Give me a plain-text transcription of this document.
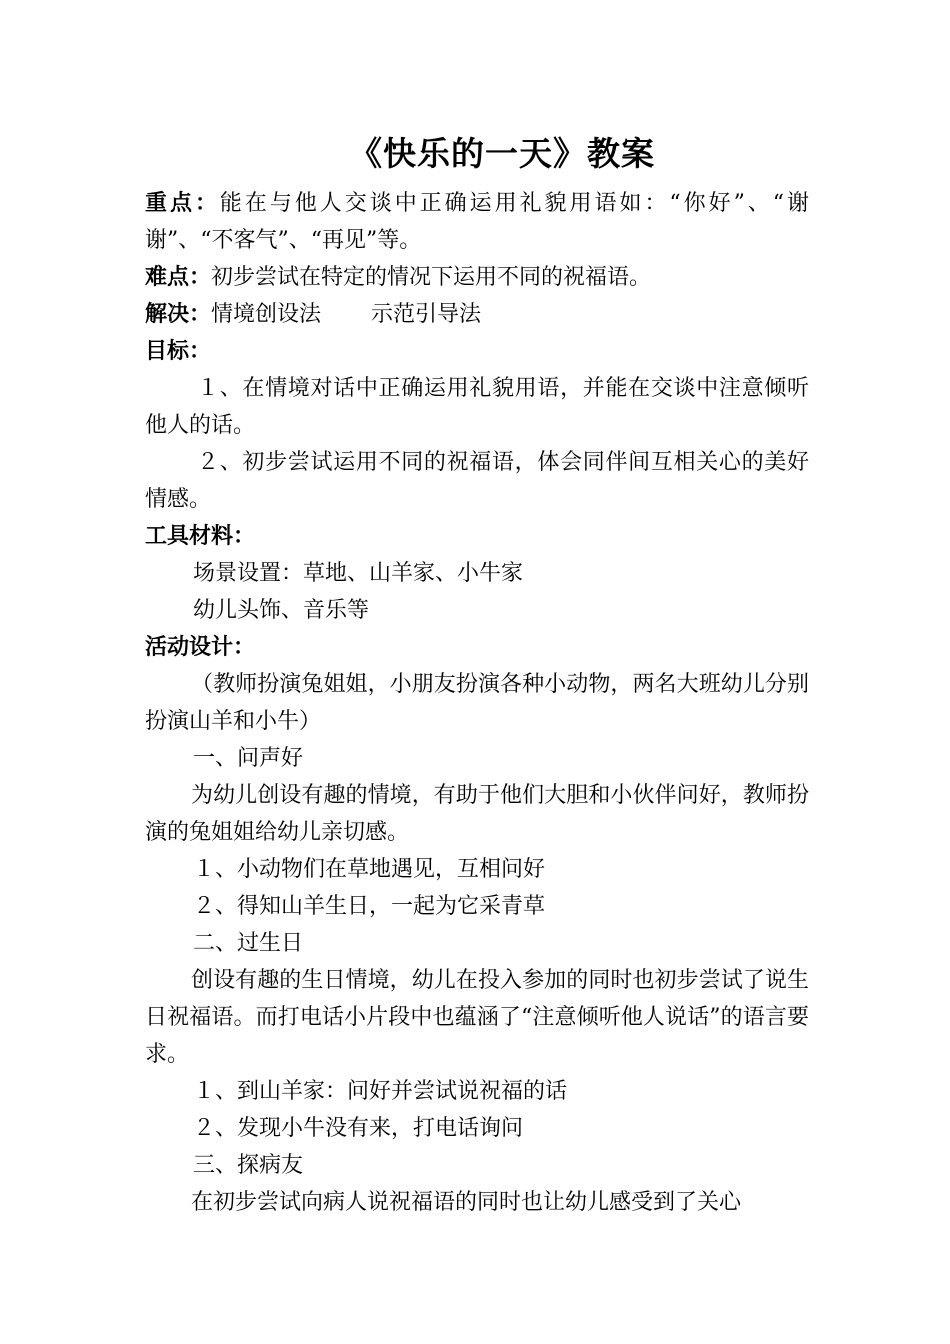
《快乐的一天》教案

重点：能在与他人交谈中正确运用礼貌用语如：“你好”、“谢谢”、“不客气”、“再见”等。

难点：初步尝试在特定的情况下运用不同的祝福语。

解决：情境创设法 示范引导法

目标：

１、在情境对话中正确运用礼貌用语，并能在交谈中注意倾听他人的话。

２、初步尝试运用不同的祝福语，体会同伴间互相关心的美好情感。

工具材料：

场景设置：草地、山羊家、小牛家

幼儿头饰、音乐等

活动设计：

（教师扮演兔姐姐，小朋友扮演各种小动物，两名大班幼儿分别扮演山羊和小牛）

一、问声好

为幼儿创设有趣的情境，有助于他们大胆和小伙伴问好，教师扮演的兔姐姐给幼儿亲切感。

１、小动物们在草地遇见，互相问好

２、得知山羊生日，一起为它采青草

二、过生日

创设有趣的生日情境，幼儿在投入参加的同时也初步尝试了说生日祝福语。而打电话小片段中也蕴涵了“注意倾听他人说话”的语言要求。

１、到山羊家：问好并尝试说祝福的话

２、发现小牛没有来，打电话询问

三、探病友

在初步尝试向病人说祝福语的同时也让幼儿感受到了关心
